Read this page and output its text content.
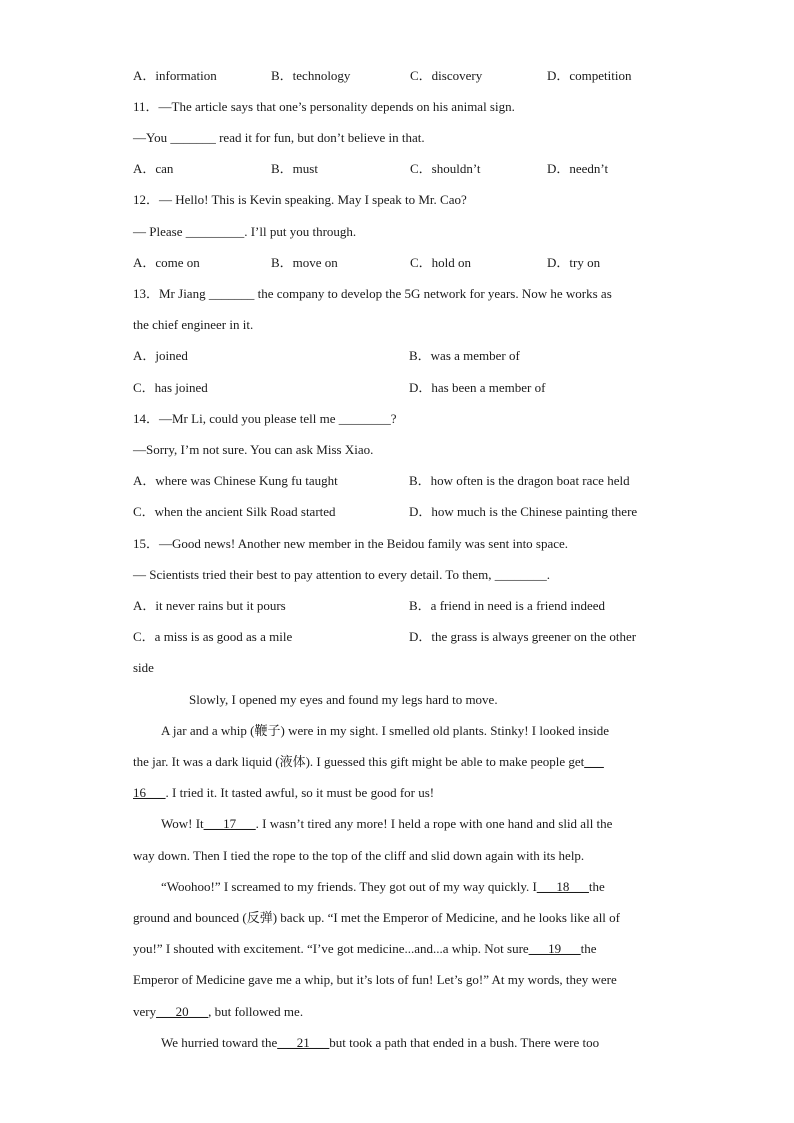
A．information	B．technology	C．discovery	D．competition
11．—The article says that one’s personality depends on his animal sign.
—You _______ read it for fun, but don’t believe in that.
A．can	B．must	C．shouldn’t	D．needn’t
12．— Hello! This is Kevin speaking. May I speak to Mr. Cao?
— Please _________. I’ll put you through.
A．come on	B．move on	C．hold on	D．try on
13．Mr Jiang _______ the company to develop the 5G network for years. Now he works as
the chief engineer in it.
A．joined	B．was a member of
C．has joined	D．has been a member of
14．—Mr Li, could you please tell me ________?
—Sorry, I’m not sure. You can ask Miss Xiao.
A．where was Chinese Kung fu taught	B．how often is the dragon boat race held
C．when the ancient Silk Road started	D．how much is the Chinese painting there
15．—Good news! Another new member in the Beidou family was sent into space.
— Scientists tried their best to pay attention to every detail. To them, ________.
A．it never rains but it pours	B．a friend in need is a friend indeed
C．a miss is as good as a mile	D．the grass is always greener on the other
side
Slowly, I opened my eyes and found my legs hard to move.
A jar and a whip (鞭子) were in my sight. I smelled old plants. Stinky! I looked inside
the jar. It was a dark liquid (液体). I guessed this gift might be able to make people get___
16___. I tried it. It tasted awful, so it must be good for us!
Wow! It___17___. I wasn’t tired any more! I held a rope with one hand and slid all the
way down. Then I tied the rope to the top of the cliff and slid down again with its help.
“Woohoo!” I screamed to my friends. They got out of my way quickly. I___18___the
ground and bounced (反弹) back up. “I met the Emperor of Medicine, and he looks like all of
you!” I shouted with excitement. “I’ve got medicine...and...a whip. Not sure___19___the
Emperor of Medicine gave me a whip, but it’s lots of fun! Let’s go!” At my words, they were
very___20___, but followed me.
We hurried toward the___21___but took a path that ended in a bush. There were too
